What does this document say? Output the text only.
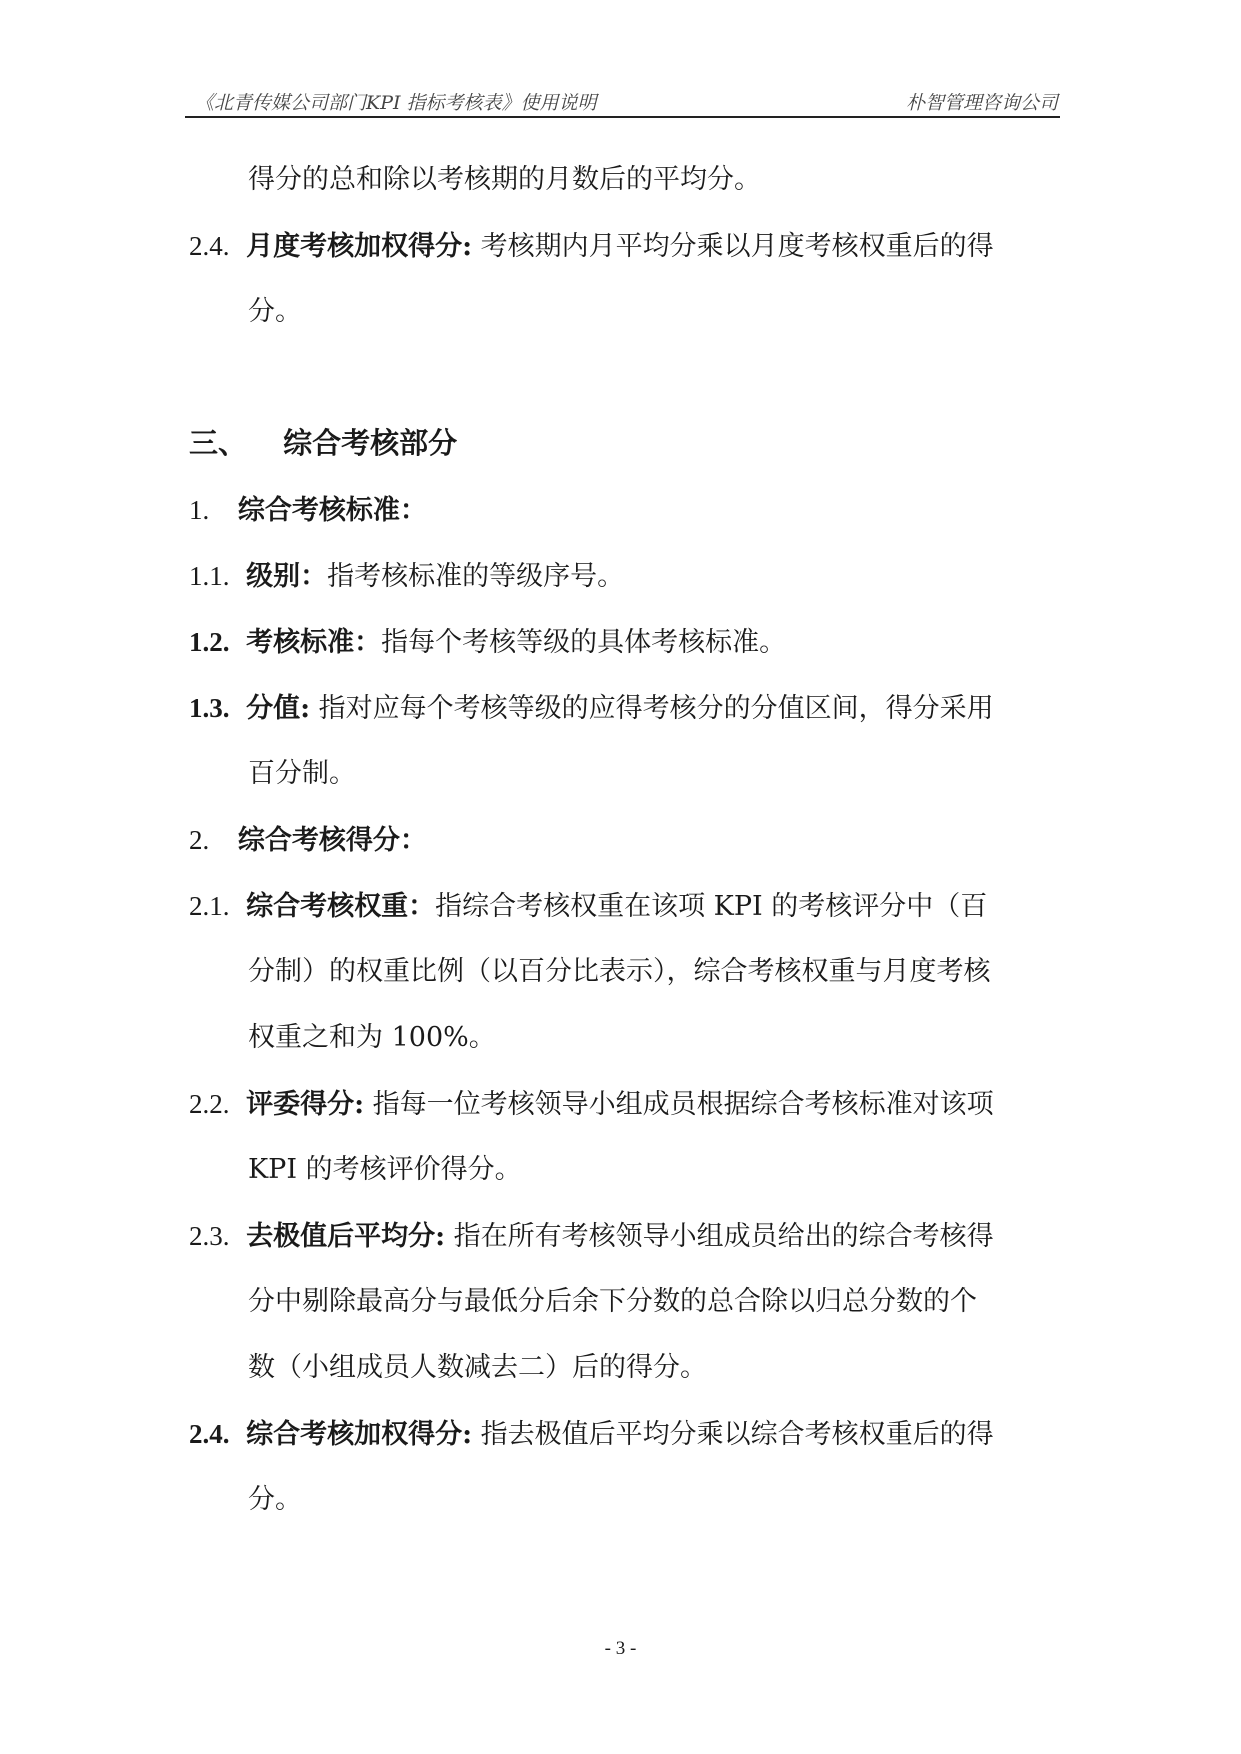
《北青传媒公司部门KPI 指标考核表》使用说明	朴智管理咨询公司
得分的总和除以考核期的月数后的平均分。
2.4. 月度考核加权得分: 考核期内月平均分乘以月度考核权重后的得
分。
三、 综合考核部分
1. 综合考核标准：
1.1. 级别：指考核标准的等级序号。
1.2. 考核标准：指每个考核等级的具体考核标准。
1.3. 分值: 指对应每个考核等级的应得考核分的分值区间，得分采用
百分制。
2. 综合考核得分：
2.1. 综合考核权重：指综合考核权重在该项 KPI 的考核评分中（百
分制）的权重比例（以百分比表示），综合考核权重与月度考核
权重之和为 100%。
2.2. 评委得分: 指每一位考核领导小组成员根据综合考核标准对该项
KPI 的考核评价得分。
2.3. 去极值后平均分: 指在所有考核领导小组成员给出的综合考核得
分中剔除最高分与最低分后余下分数的总合除以归总分数的个
数（小组成员人数减去二）后的得分。
2.4. 综合考核加权得分: 指去极值后平均分乘以综合考核权重后的得
分。
- 3 -
